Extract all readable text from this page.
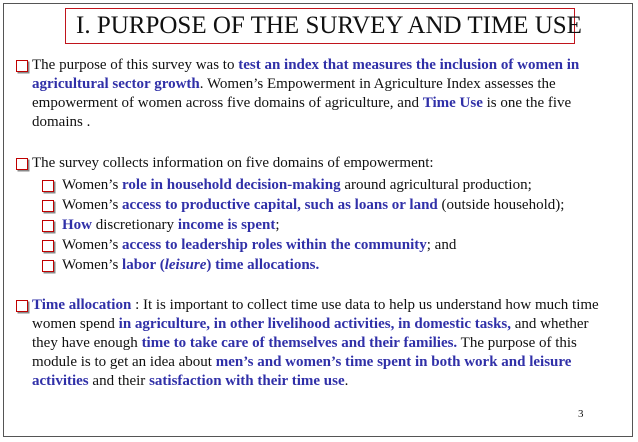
I. PURPOSE OF THE SURVEY AND TIME USE
The purpose of this survey was to test an index that measures the inclusion of women in agricultural sector growth. Women’s Empowerment in Agriculture Index assesses the empowerment of women across five domains of agriculture, and Time Use is one the five domains .
The survey collects information on five domains of empowerment:
Women’s role in household decision-making around agricultural production;
Women’s access to productive capital, such as loans or land (outside household);
How discretionary income is spent;
Women’s access to leadership roles within the community; and
Women’s labor (leisure) time allocations.
Time allocation : It is important to collect time use data to help us understand how much time women spend in agriculture, in other livelihood activities, in domestic tasks, and whether they have enough time to take care of themselves and their families. The purpose of this module is to get an idea about men’s and women’s time spent in both work and leisure activities and their satisfaction with their time use.
3
